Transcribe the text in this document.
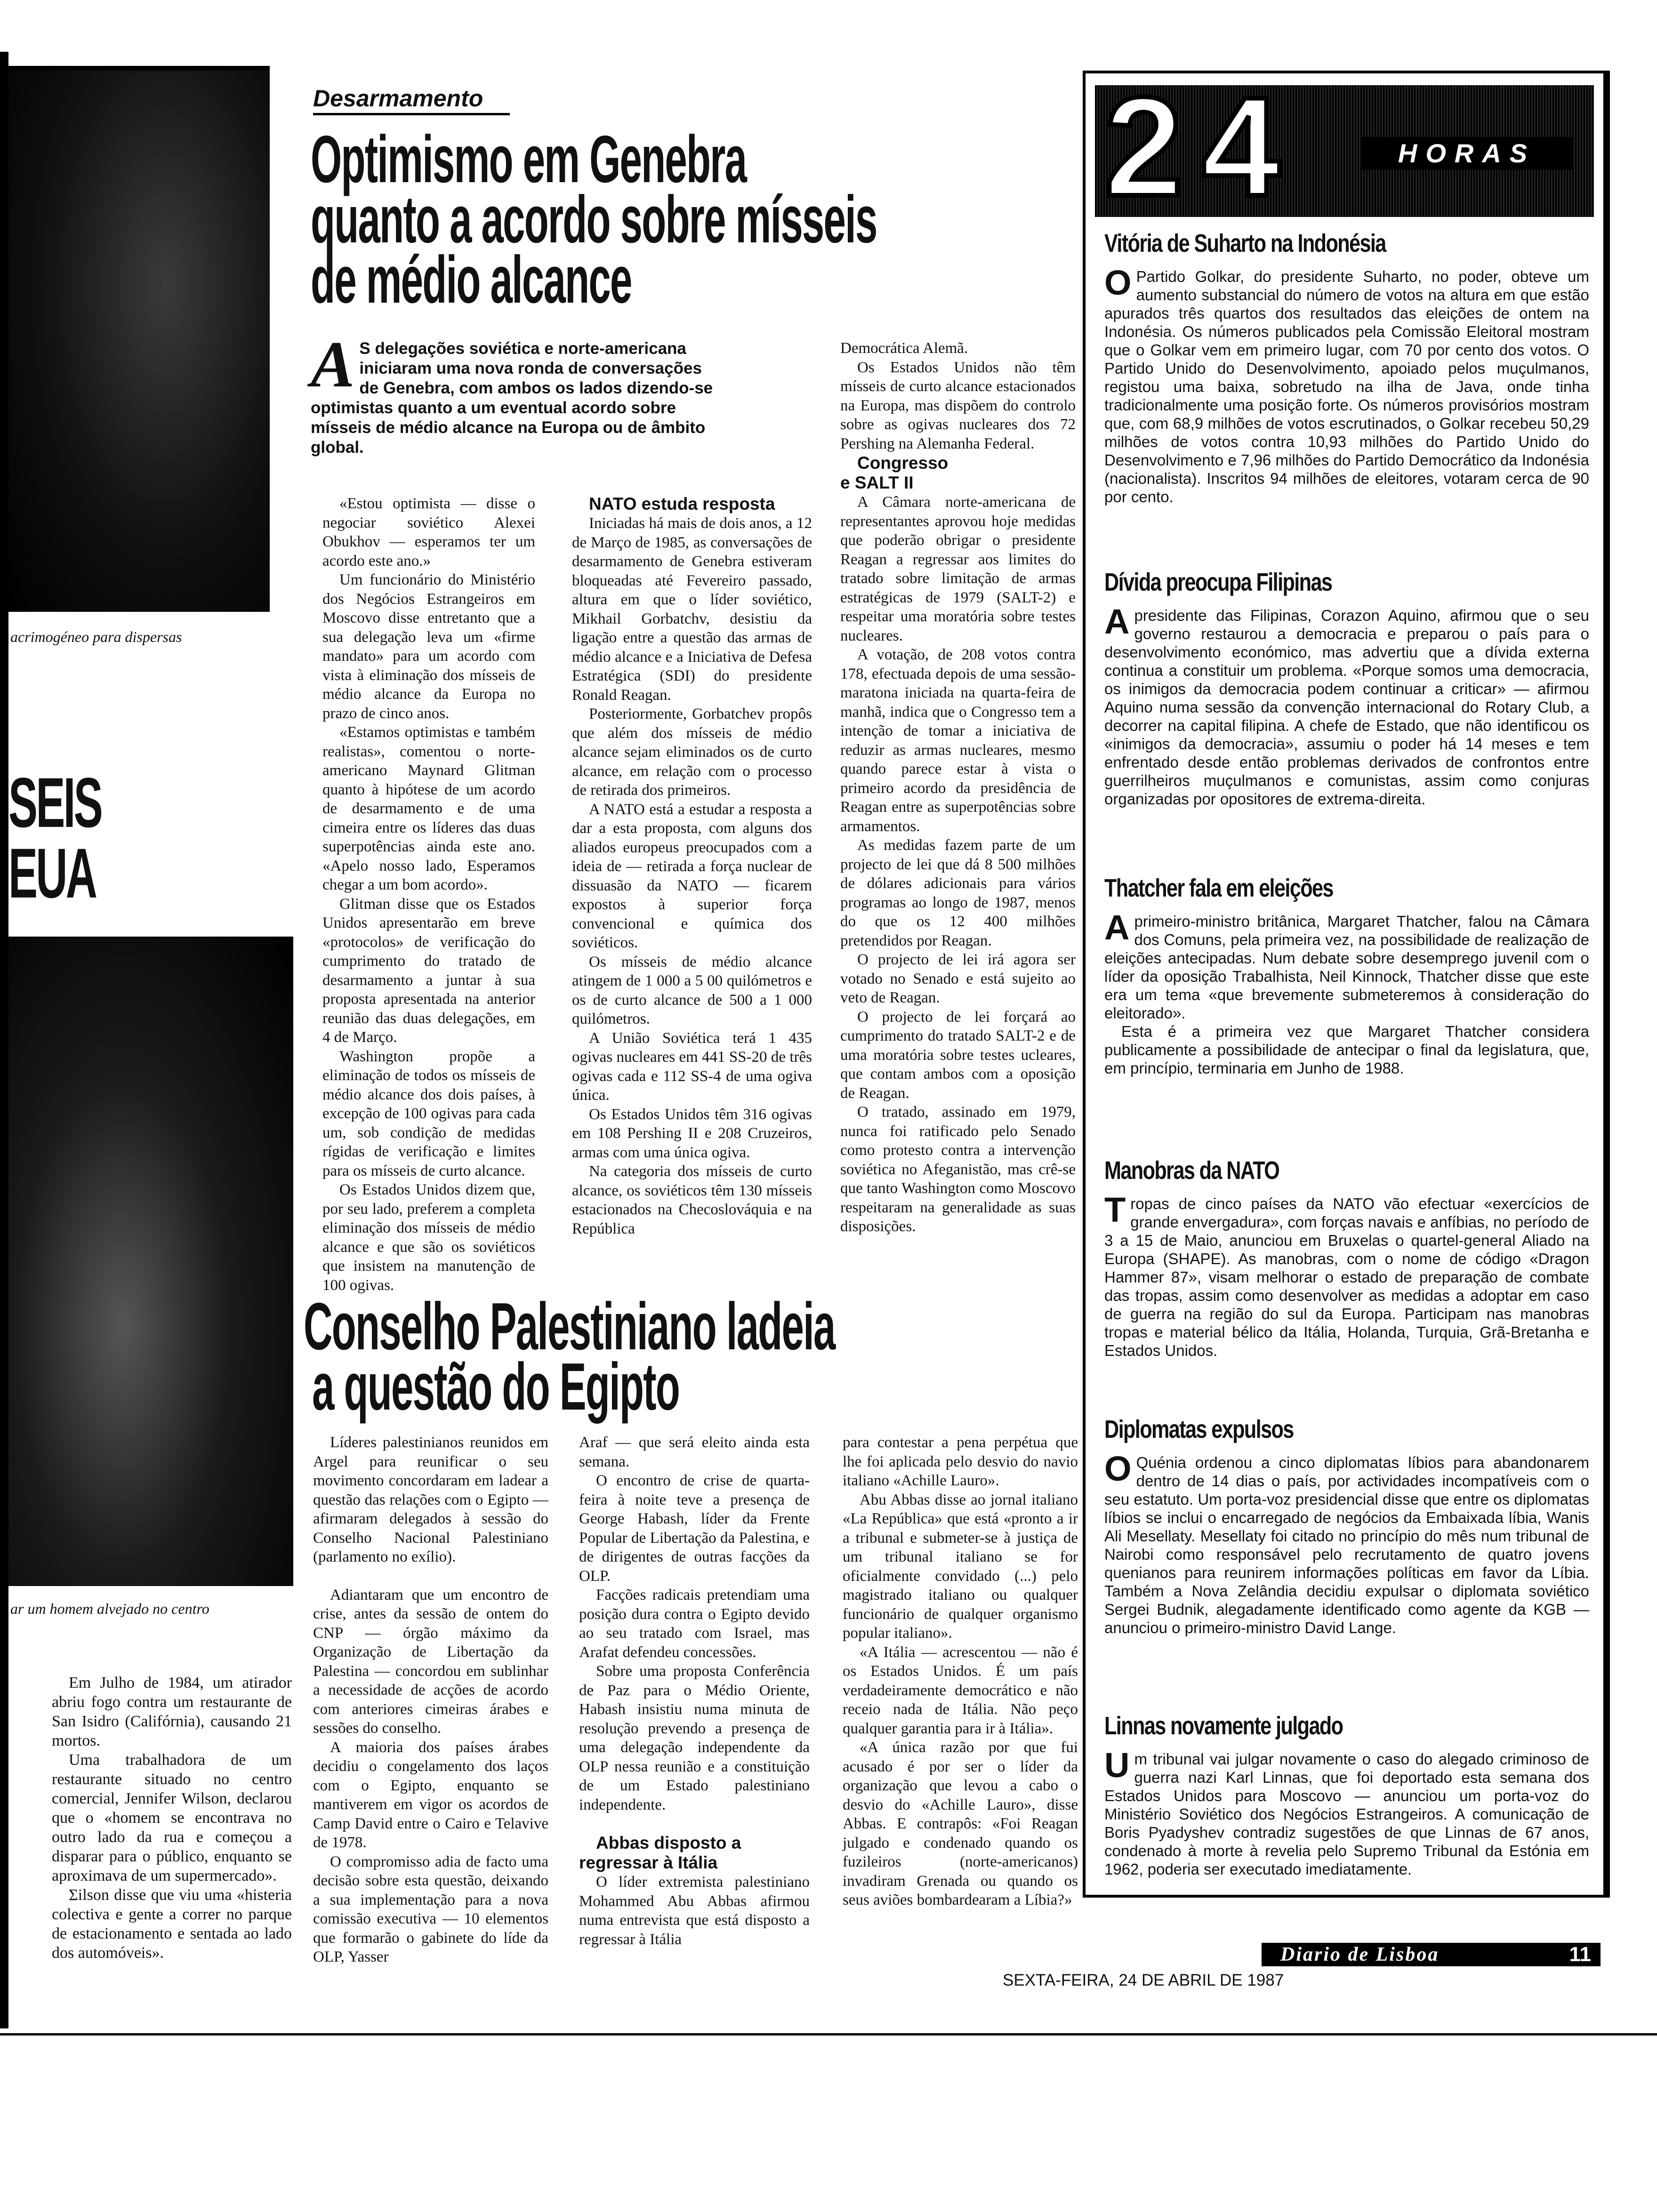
acrimogéneo para dispersas
SEIS
EUA
ar um homem alvejado no centro

Em Julho de 1984, um atirador abriu fogo contra um restaurante de San Isidro (Califórnia), causando 21 mortos.

Uma trabalhadora de um restaurante situado no centro comercial, Jennifer Wilson, declarou que o «homem se encontrava no outro lado da rua e começou a disparar para o público, enquanto se aproximava de um supermercado».

Σilson disse que viu uma «histeria colectiva e gente a correr no parque de estacionamento e sentada ao lado dos automóveis».

Desarmamento
Optimismo em Genebra
quanto a acordo sobre mísseis
de médio alcance
A S delegações soviética e norte-americana iniciaram uma nova ronda de conversações de Genebra, com ambos os lados dizendo-se optimistas quanto a um eventual acordo sobre mísseis de médio alcance na Europa ou de âmbito global.

«Estou optimista — disse o negociar soviético Alexei Obukhov — esperamos ter um acordo este ano.»

Um funcionário do Ministério dos Negócios Estrangeiros em Moscovo disse entretanto que a sua delegação leva um «firme mandato» para um acordo com vista à eliminação dos mísseis de médio alcance da Europa no prazo de cinco anos.

«Estamos optimistas e também realistas», comentou o norte-americano Maynard Glitman quanto à hipótese de um acordo de desarmamento e de uma cimeira entre os líderes das duas superpotências ainda este ano. «Apelo nosso lado, Esperamos chegar a um bom acordo».

Glitman disse que os Estados Unidos apresentarão em breve «protocolos» de verificação do cumprimento do tratado de desarmamento a juntar à sua proposta apresentada na anterior reunião das duas delegações, em 4 de Março.

Washington propõe a eliminação de todos os mísseis de médio alcance dos dois países, à excepção de 100 ogivas para cada um, sob condição de medidas rígidas de verificação e limites para os mísseis de curto alcance.

Os Estados Unidos dizem que, por seu lado, preferem a completa eliminação dos mísseis de médio alcance e que são os soviéticos que insistem na manutenção de 100 ogivas.

NATO estuda resposta

Iniciadas há mais de dois anos, a 12 de Março de 1985, as conversações de desarmamento de Genebra estiveram bloqueadas até Fevereiro passado, altura em que o líder soviético, Mikhail Gorbatchv, desistiu da ligação entre a questão das armas de médio alcance e a Iniciativa de Defesa Estratégica (SDI) do presidente Ronald Reagan.

Posteriormente, Gorbatchev propôs que além dos mísseis de médio alcance sejam eliminados os de curto alcance, em relação com o processo de retirada dos primeiros.

A NATO está a estudar a resposta a dar a esta proposta, com alguns dos aliados europeus preocupados com a ideia de — retirada a força nuclear de dissuasão da NATO — ficarem expostos à superior força convencional e química dos soviéticos.

Os mísseis de médio alcance atingem de 1 000 a 5 00 quilómetros e os de curto alcance de 500 a 1 000 quilómetros.

A União Soviética terá 1 435 ogivas nucleares em 441 SS-20 de três ogivas cada e 112 SS-4 de uma ogiva única.

Os Estados Unidos têm 316 ogivas em 108 Pershing II e 208 Cruzeiros, armas com uma única ogiva.

Na categoria dos mísseis de curto alcance, os soviéticos têm 130 mísseis estacionados na Checoslováquia e na República

Democrática Alemã.

Os Estados Unidos não têm mísseis de curto alcance estacionados na Europa, mas dispõem do controlo sobre as ogivas nucleares dos 72 Pershing na Alemanha Federal.

Congresso e SALT II

A Câmara norte-americana de representantes aprovou hoje medidas que poderão obrigar o presidente Reagan a regressar aos limites do tratado sobre limitação de armas estratégicas de 1979 (SALT-2) e respeitar uma moratória sobre testes nucleares.

A votação, de 208 votos contra 178, efectuada depois de uma sessão-maratona iniciada na quarta-feira de manhã, indica que o Congresso tem a intenção de tomar a iniciativa de reduzir as armas nucleares, mesmo quando parece estar à vista o primeiro acordo da presidência de Reagan entre as superpotências sobre armamentos.

As medidas fazem parte de um projecto de lei que dá 8 500 milhões de dólares adicionais para vários programas ao longo de 1987, menos do que os 12 400 milhões pretendidos por Reagan.

O projecto de lei irá agora ser votado no Senado e está sujeito ao veto de Reagan.

O projecto de lei forçará ao cumprimento do tratado SALT-2 e de uma moratória sobre testes ucleares, que contam ambos com a oposição de Reagan.

O tratado, assinado em 1979, nunca foi ratificado pelo Senado como protesto contra a intervenção soviética no Afeganistão, mas crê-se que tanto Washington como Moscovo respeitaram na generalidade as suas disposições.

Conselho Palestiniano ladeia
a questão do Egipto

Líderes palestinianos reunidos em Argel para reunificar o seu movimento concordaram em ladear a questão das relações com o Egipto — afirmaram delegados à sessão do Conselho Nacional Palestiniano (parlamento no exílio).

Adiantaram que um encontro de crise, antes da sessão de ontem do CNP — órgão máximo da Organização de Libertação da Palestina — concordou em sublinhar a necessidade de acções de acordo com anteriores cimeiras árabes e sessões do conselho.

A maioria dos países árabes decidiu o congelamento dos laços com o Egipto, enquanto se mantiverem em vigor os acordos de Camp David entre o Cairo e Telavive de 1978.

O compromisso adia de facto uma decisão sobre esta questão, deixando a sua implementação para a nova comissão executiva — 10 elementos que formarão o gabinete do líde da OLP, Yasser

Araf — que será eleito ainda esta semana.

O encontro de crise de quarta-feira à noite teve a presença de George Habash, líder da Frente Popular de Libertação da Palestina, e de dirigentes de outras facções da OLP.

Facções radicais pretendiam uma posição dura contra o Egipto devido ao seu tratado com Israel, mas Arafat defendeu concessões.

Sobre uma proposta Conferência de Paz para o Médio Oriente, Habash insistiu numa minuta de resolução prevendo a presença de uma delegação independente da OLP nessa reunião e a constituição de um Estado palestiniano independente.

Abbas disposto a regressar à Itália

O líder extremista palestiniano Mohammed Abu Abbas afirmou numa entrevista que está disposto a regressar à Itália

para contestar a pena perpétua que lhe foi aplicada pelo desvio do navio italiano «Achille Lauro».

Abu Abbas disse ao jornal italiano «La República» que está «pronto a ir a tribunal e submeter-se à justiça de um tribunal italiano se for oficialmente convidado (...) pelo magistrado italiano ou qualquer funcionário de qualquer organismo popular italiano».

«A Itália — acrescentou — não é os Estados Unidos. É um país verdadeiramente democrático e não receio nada de Itália. Não peço qualquer garantia para ir à Itália».

«A única razão por que fui acusado é por ser o líder da organização que levou a cabo o desvio do «Achille Lauro», disse Abbas. E contrapôs: «Foi Reagan julgado e condenado quando os fuzileiros (norte-americanos) invadiram Grenada ou quando os seus aviões bombardearam a Líbia?»

24	HORAS
Vitória de Suharto na Indonésia
O Partido Golkar, do presidente Suharto, no poder, obteve um aumento substancial do número de votos na altura em que estão apurados três quartos dos resultados das eleições de ontem na Indonésia. Os números publicados pela Comissão Eleitoral mostram que o Golkar vem em primeiro lugar, com 70 por cento dos votos. O Partido Unido do Desenvolvimento, apoiado pelos muçulmanos, registou uma baixa, sobretudo na ilha de Java, onde tinha tradicionalmente uma posição forte. Os números provisórios mostram que, com 68,9 milhões de votos escrutinados, o Golkar recebeu 50,29 milhões de votos contra 10,93 milhões do Partido Unido do Desenvolvimento e 7,96 milhões do Partido Democrático da Indonésia (nacionalista). Inscritos 94 milhões de eleitores, votaram cerca de 90 por cento.
Dívida preocupa Filipinas
A presidente das Filipinas, Corazon Aquino, afirmou que o seu governo restaurou a democracia e preparou o país para o desenvolvimento económico, mas advertiu que a dívida externa continua a constituir um problema. «Porque somos uma democracia, os inimigos da democracia podem continuar a criticar» — afirmou Aquino numa sessão da convenção internacional do Rotary Club, a decorrer na capital filipina. A chefe de Estado, que não identificou os «inimigos da democracia», assumiu o poder há 14 meses e tem enfrentado desde então problemas derivados de confrontos entre guerrilheiros muçulmanos e comunistas, assim como conjuras organizadas por opositores de extrema-direita.
Thatcher fala em eleições
A primeiro-ministro britânica, Margaret Thatcher, falou na Câmara dos Comuns, pela primeira vez, na possibilidade de realização de eleições antecipadas. Num debate sobre desemprego juvenil com o líder da oposição Trabalhista, Neil Kinnock, Thatcher disse que este era um tema «que brevemente submeteremos à consideração do eleitorado».

Esta é a primeira vez que Margaret Thatcher considera publicamente a possibilidade de antecipar o final da legislatura, que, em princípio, terminaria em Junho de 1988.

Manobras da NATO
T ropas de cinco países da NATO vão efectuar «exercícios de grande envergadura», com forças navais e anfíbias, no período de 3 a 15 de Maio, anunciou em Bruxelas o quartel-general Aliado na Europa (SHAPE). As manobras, com o nome de código «Dragon Hammer 87», visam melhorar o estado de preparação de combate das tropas, assim como desenvolver as medidas a adoptar em caso de guerra na região do sul da Europa. Participam nas manobras tropas e material bélico da Itália, Holanda, Turquia, Grã-Bretanha e Estados Unidos.
Diplomatas expulsos
O Quénia ordenou a cinco diplomatas líbios para abandonarem dentro de 14 dias o país, por actividades incompatíveis com o seu estatuto. Um porta-voz presidencial disse que entre os diplomatas líbios se inclui o encarregado de negócios da Embaixada líbia, Wanis Ali Mesellaty. Mesellaty foi citado no princípio do mês num tribunal de Nairobi como responsável pelo recrutamento de quatro jovens quenianos para reunirem informações políticas em favor da Líbia. Também a Nova Zelândia decidiu expulsar o diplomata soviético Sergei Budnik, alegadamente identificado como agente da KGB — anunciou o primeiro-ministro David Lange.
Linnas novamente julgado
U m tribunal vai julgar novamente o caso do alegado criminoso de guerra nazi Karl Linnas, que foi deportado esta semana dos Estados Unidos para Moscovo — anunciou um porta-voz do Ministério Soviético dos Negócios Estrangeiros. A comunicação de Boris Pyadyshev contradiz sugestões de que Linnas de 67 anos, condenado à morte à revelia pelo Supremo Tribunal da Estónia em 1962, poderia ser executado imediatamente.
Diario de Lisboa	11
SEXTA-FEIRA, 24 DE ABRIL DE 1987
